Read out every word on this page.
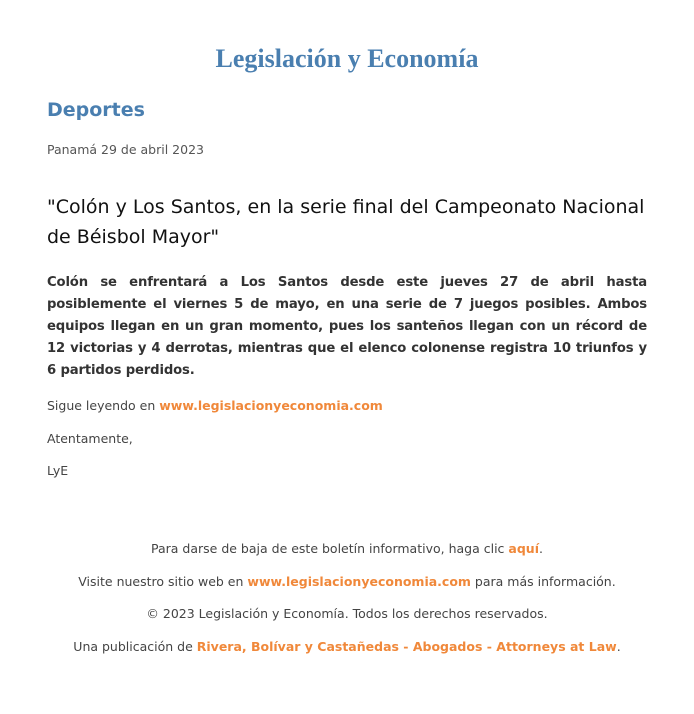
Legislación y Economía
Deportes
Panamá 29 de abril 2023
"Colón y Los Santos, en la serie final del Campeonato Nacional de Béisbol Mayor"
Colón se enfrentará a Los Santos desde este jueves 27 de abril hasta posiblemente el viernes 5 de mayo, en una serie de 7 juegos posibles. Ambos equipos llegan en un gran momento, pues los santeños llegan con un récord de 12 victorias y 4 derrotas, mientras que el elenco colonense registra 10 triunfos y 6 partidos perdidos.
Sigue leyendo en www.legislacionyeconomia.com
Atentamente,
LyE
Para darse de baja de este boletín informativo, haga clic aquí.
Visite nuestro sitio web en www.legislacionyeconomia.com para más información.
© 2023 Legislación y Economía. Todos los derechos reservados.
Una publicación de Rivera, Bolívar y Castañedas - Abogados - Attorneys at Law.
